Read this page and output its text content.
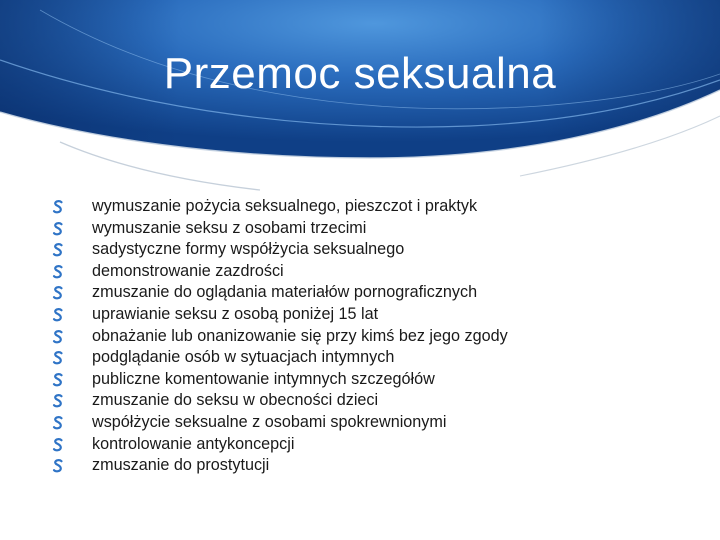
Przemoc seksualna
wymuszanie pożycia seksualnego, pieszczot i praktyk
wymuszanie seksu z osobami trzecimi
sadystyczne formy współżycia seksualnego
demonstrowanie zazdrości
zmuszanie do oglądania materiałów pornograficznych
uprawianie seksu z osobą poniżej 15 lat
obnażanie lub onanizowanie się przy kimś bez jego zgody
podglądanie osób w sytuacjach intymnych
publiczne komentowanie intymnych szczegółów
zmuszanie do seksu w obecności dzieci
współżycie seksualne z osobami spokrewnionymi
kontrolowanie antykoncepcji
zmuszanie do prostytucji
